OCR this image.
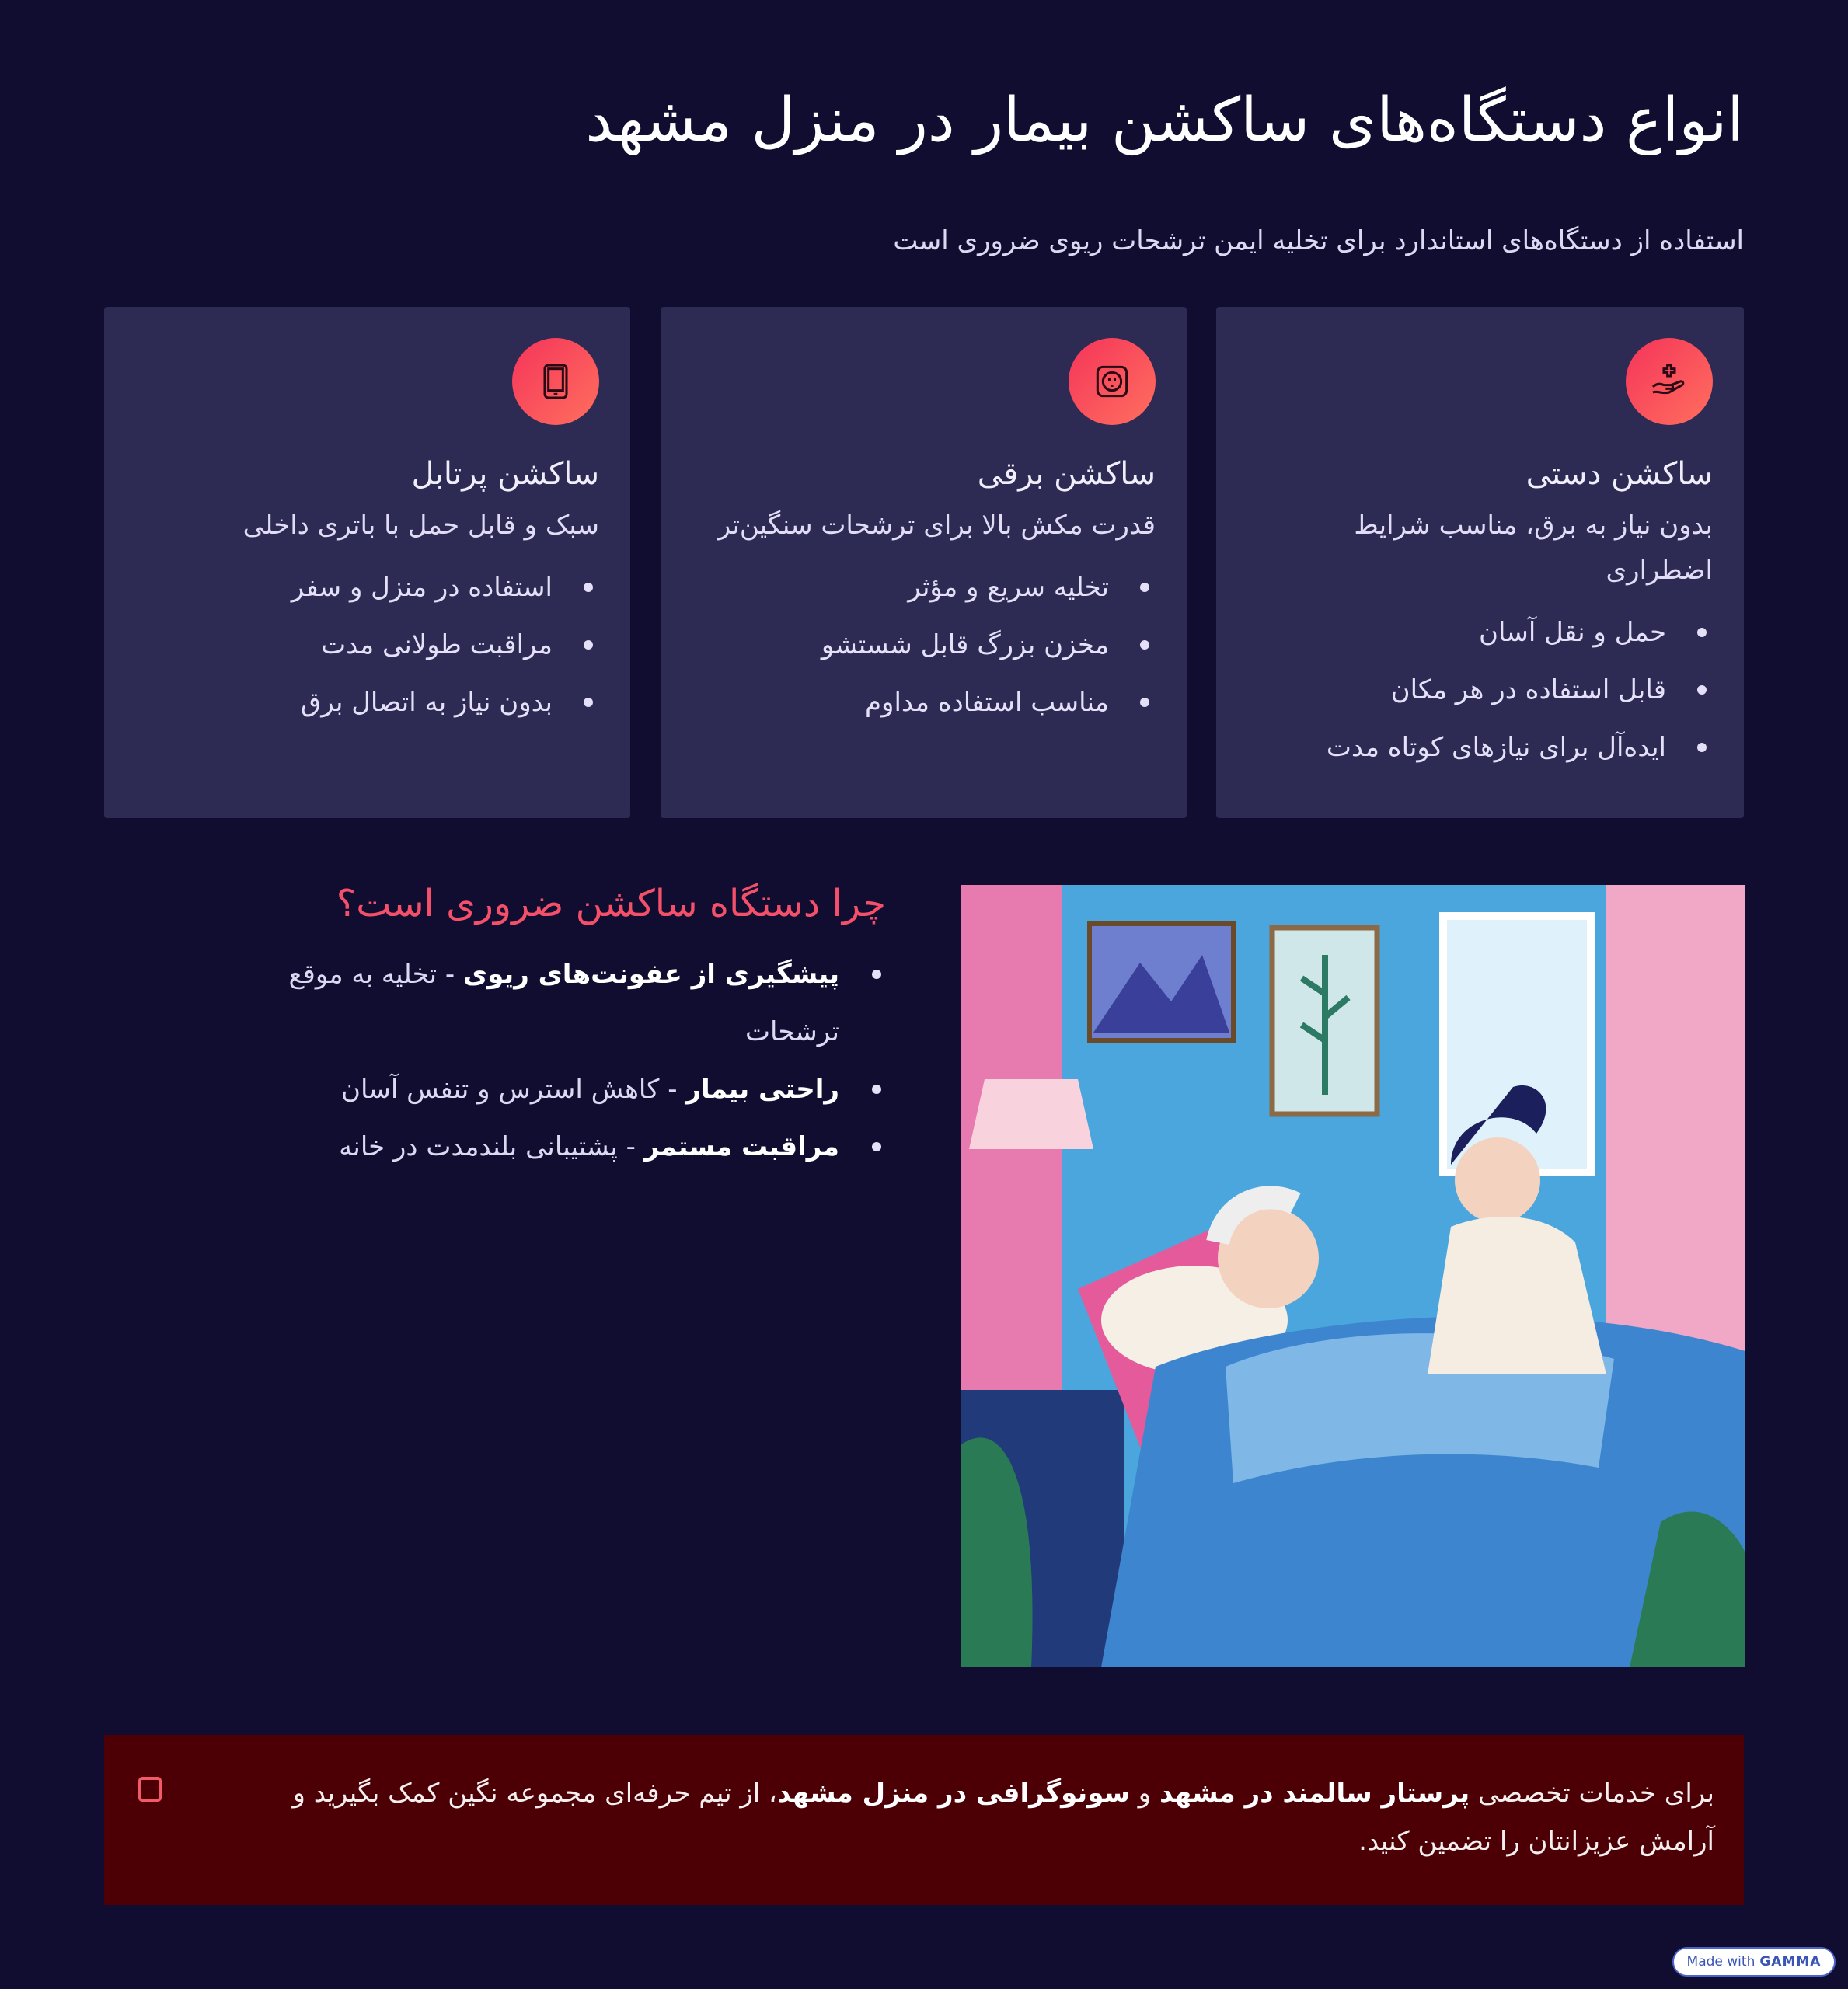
انواع دستگاه‌های ساکشن بیمار در منزل مشهد

استفاده از دستگاه‌های استاندارد برای تخلیه ایمن ترشحات ریوی ضروری است

ساکشن دستی

بدون نیاز به برق، مناسب شرایط اضطراری

حمل و نقل آسان
قابل استفاده در هر مکان
ایده‌آل برای نیازهای کوتاه مدت
ساکشن برقی

قدرت مکش بالا برای ترشحات سنگین‌تر

تخلیه سریع و مؤثر
مخزن بزرگ قابل شستشو
مناسب استفاده مداوم
ساکشن پرتابل

سبک و قابل حمل با باتری داخلی

استفاده در منزل و سفر
مراقبت طولانی مدت
بدون نیاز به اتصال برق
چرا دستگاه ساکشن ضروری است؟
پیشگیری از عفونت‌های ریوی - تخلیه به موقع ترشحات
راحتی بیمار - کاهش استرس و تنفس آسان
مراقبت مستمر - پشتیبانی بلندمدت در خانه

برای خدمات تخصصی پرستار سالمند در مشهد و سونوگرافی در منزل مشهد، از تیم حرفه‌ای مجموعه نگین کمک بگیرید و آرامش عزیزانتان را تضمین کنید.

Made with GAMMA
